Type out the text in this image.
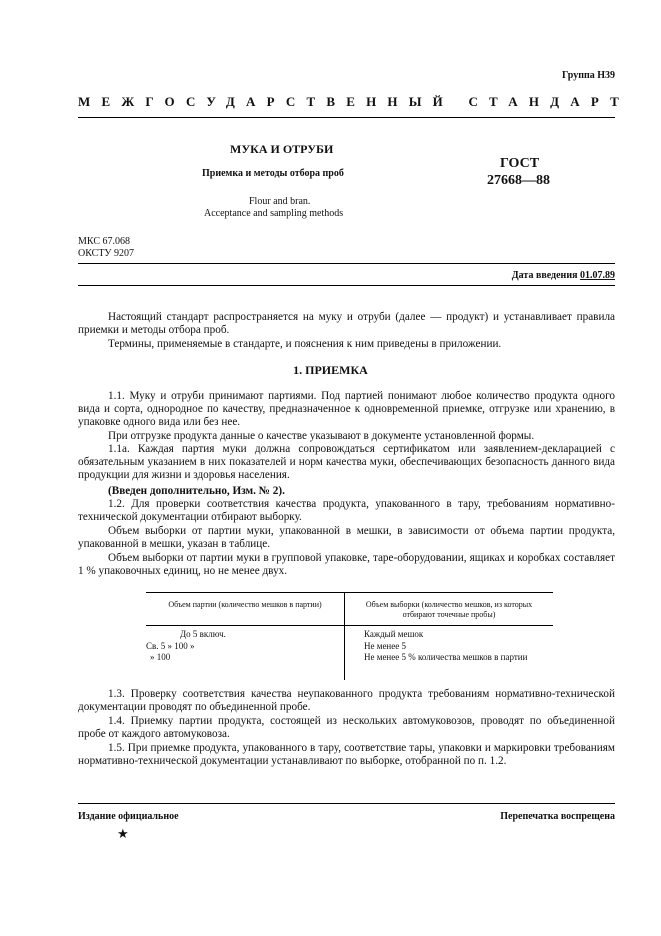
Группа Н39
МЕЖГОСУДАРСТВЕННЫЙ СТАНДАРТ
МУКА И ОТРУБИ
Приемка и методы отбора проб
Flour and bran.
Acceptance and sampling methods
ГОСТ
27668—88
МКС 67.068
ОКСТУ 9207
Дата введения 01.07.89
Настоящий стандарт распространяется на муку и отруби (далее — продукт) и устанавливает правила приемки и методы отбора проб.
Термины, применяемые в стандарте, и пояснения к ним приведены в приложении.
1. ПРИЕМКА
1.1. Муку и отруби принимают партиями. Под партией понимают любое количество продукта одного вида и сорта, однородное по качеству, предназначенное к одновременной приемке, отгрузке или хранению, в упаковке одного вида или без нее.
При отгрузке продукта данные о качестве указывают в документе установленной формы.
1.1а. Каждая партия муки должна сопровождаться сертификатом или заявлением-декларацией с обязательным указанием в них показателей и норм качества муки, обеспечивающих безопасность данного вида продукции для жизни и здоровья населения.
(Введен дополнительно, Изм. № 2).
1.2. Для проверки соответствия качества продукта, упакованного в тару, требованиям нормативно-технической документации отбирают выборку.
Объем выборки от партии муки, упакованной в мешки, в зависимости от объема партии продукта, упакованной в мешки, указан в таблице.
Объем выборки от партии муки в групповой упаковке, таре-оборудовании, ящиках и коробках составляет 1 % упаковочных единиц, но не менее двух.
Объем партии (количество мешков в партии)	Объем выборки (количество мешков, из которых отбирают точечные пробы)
До 5 включ.	Каждый мешок
Св. 5 » 100 »	Не менее 5
» 100	Не менее 5 % количества мешков в партии
1.3. Проверку соответствия качества неупакованного продукта требованиям нормативно-технической документации проводят по объединенной пробе.
1.4. Приемку партии продукта, состоящей из нескольких автомуковозов, проводят по объединенной пробе от каждого автомуковоза.
1.5. При приемке продукта, упакованного в тару, соответствие тары, упаковки и маркировки требованиям нормативно-технической документации устанавливают по выборке, отобранной по п. 1.2.
Издание официальное	Перепечатка воспрещена
★
